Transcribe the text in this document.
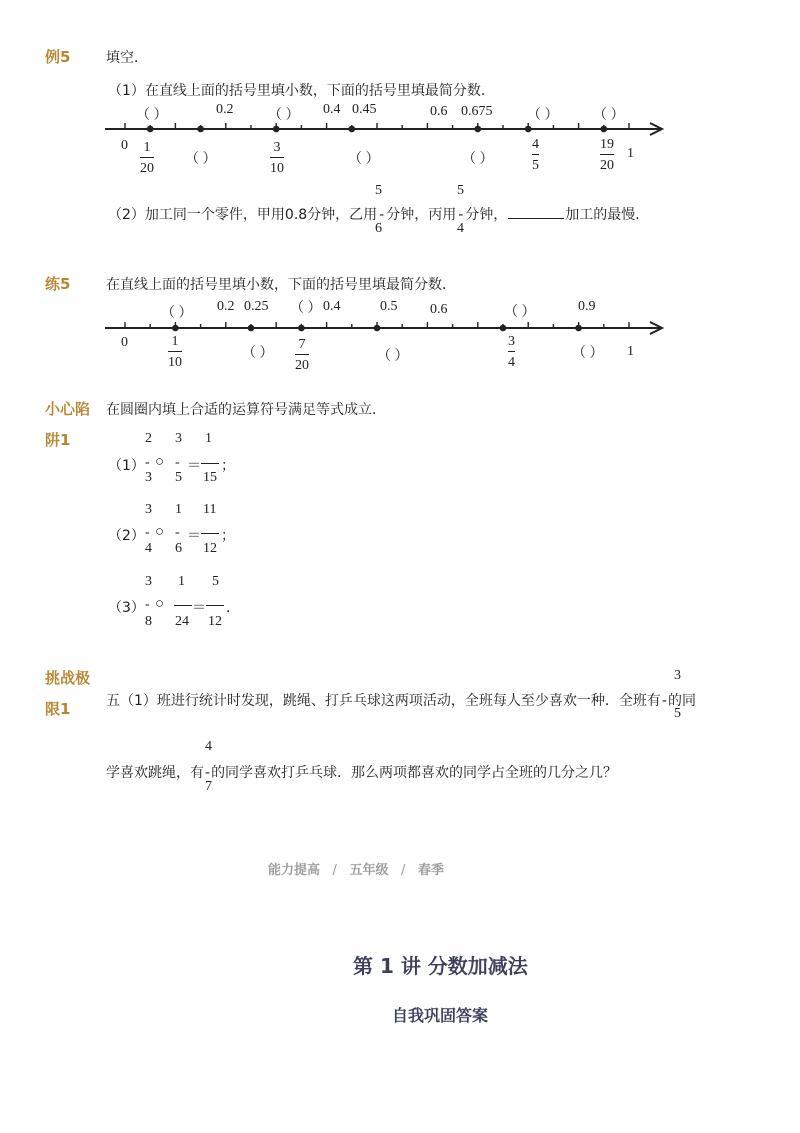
例5	填空．
（1）在直线上面的括号里填小数，下面的括号里填最简分数．
（ ）	0.2 （ ） 0.4 0.45	0.6 0.675 （ ） （ ）
0
1
1
20
（ ）
3
10
（ ）	（ ）
4
5
19
20
5
6
5
4
（2）加工同一个零件，甲用0.8分钟，乙用 - 分钟，丙用 - 分钟，	加工的最慢．
练5	在直线上面的括号里填小数，下面的括号里填最简分数．
（ ） 0.2 0.25 （ ） 0.4	0.5 0.6	（ ）	0.9
0
1
1
10
（ ）
7
20
（ ）
3
4
（ ）
小心陷
阱1
在圆圈内填上合适的运算符号满足等式成立．
（1）
2
-
3
○
3
-
5
＝
1
15
；
（2）
3
-
4
○
1
-
6
＝
11
12
；
（3）
3
-
8
○
1
24
＝
5
12
．
挑战极
限1
3
5
五（1）班进行统计时发现，跳绳、打乒乓球这两项活动，全班每人至少喜欢一种．全班有-的同
4
7
学喜欢跳绳，有-的同学喜欢打乒乓球．那么两项都喜欢的同学占全班的几分之几？
能力提高 / 五年级 / 春季
第 1 讲 分数加减法
自我巩固答案
